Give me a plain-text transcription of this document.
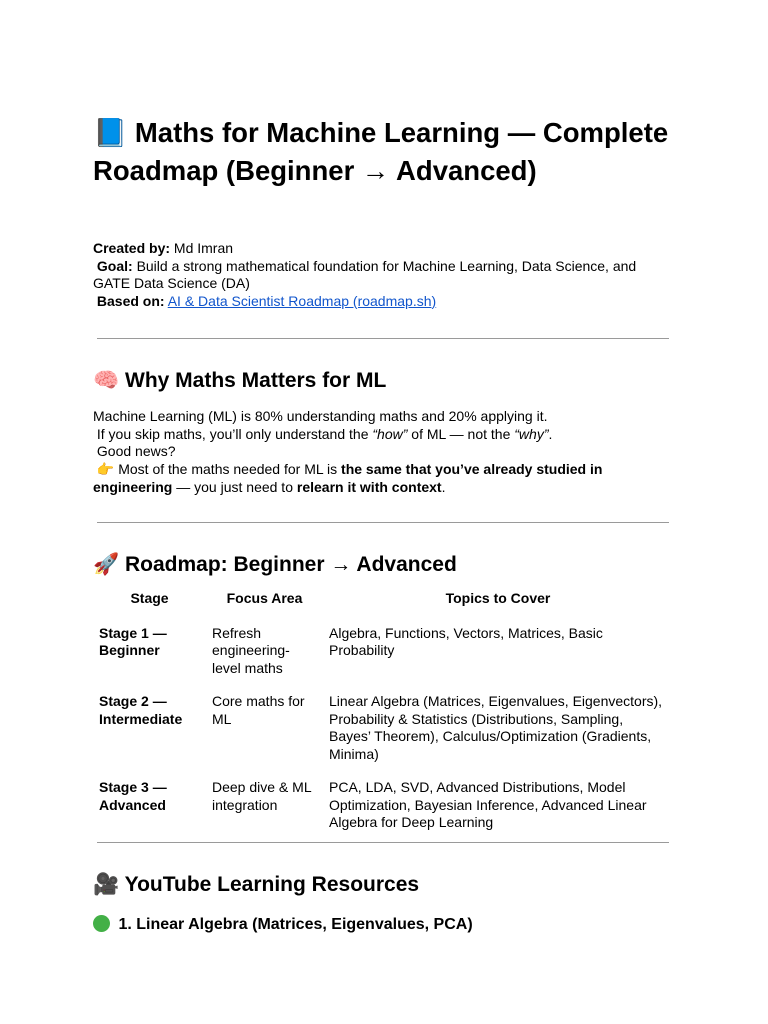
📘 Maths for Machine Learning — Complete Roadmap (Beginner → Advanced)
Created by: Md Imran
Goal: Build a strong mathematical foundation for Machine Learning, Data Science, and GATE Data Science (DA)
Based on: AI & Data Scientist Roadmap (roadmap.sh)
🧠 Why Maths Matters for ML
Machine Learning (ML) is 80% understanding maths and 20% applying it.
If you skip maths, you’ll only understand the “how” of ML — not the “why”.
Good news?
👉 Most of the maths needed for ML is the same that you’ve already studied in engineering — you just need to relearn it with context.
🚀 Roadmap: Beginner → Advanced
Stage	Focus Area	Topics to Cover
Stage 1 — Beginner	Refresh engineering-level maths	Algebra, Functions, Vectors, Matrices, Basic Probability
Stage 2 — Intermediate	Core maths for ML	Linear Algebra (Matrices, Eigenvalues, Eigenvectors), Probability & Statistics (Distributions, Sampling, Bayes’ Theorem), Calculus/Optimization (Gradients, Minima)
Stage 3 — Advanced	Deep dive & ML integration	PCA, LDA, SVD, Advanced Distributions, Model Optimization, Bayesian Inference, Advanced Linear Algebra for Deep Learning
🎥 YouTube Learning Resources
1. Linear Algebra (Matrices, Eigenvalues, PCA)
